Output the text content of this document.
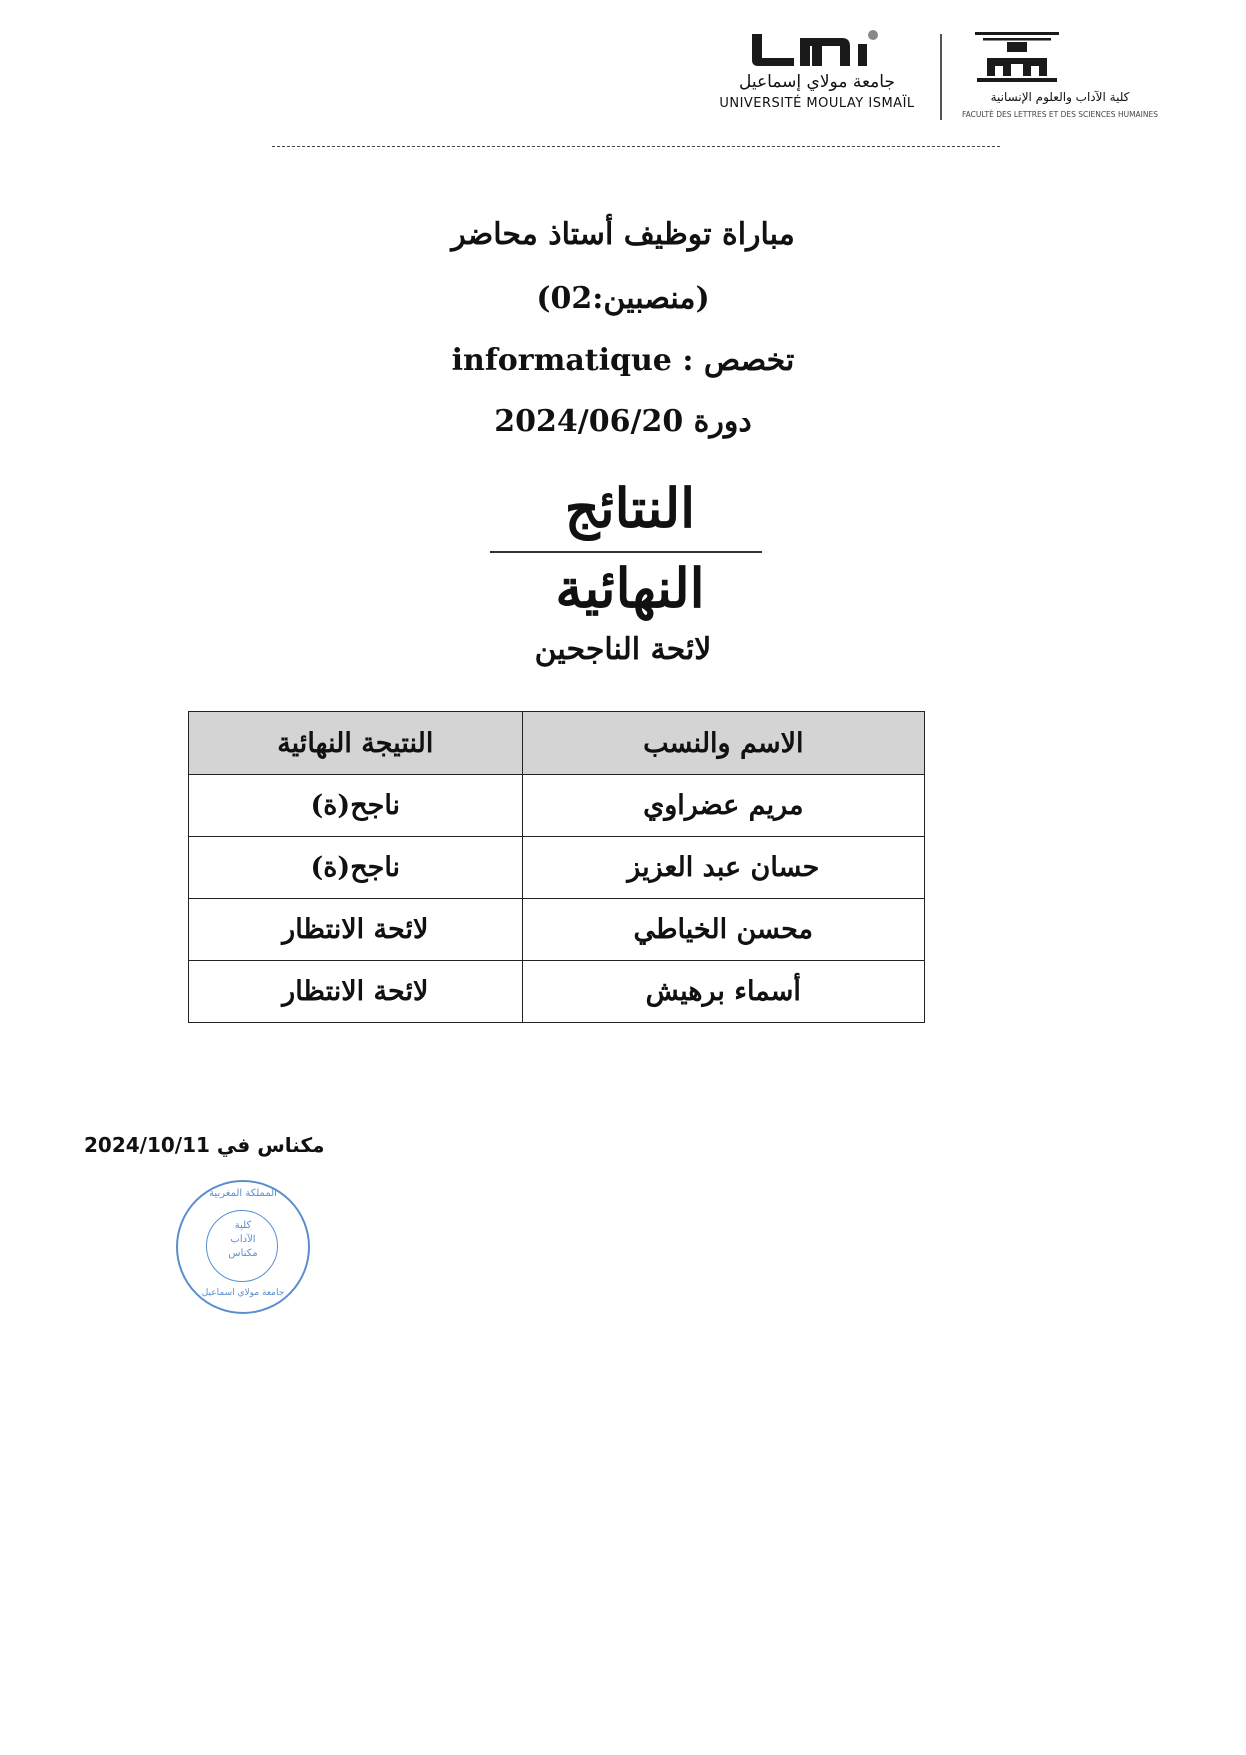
جامعة مولاي إسماعيل
UNIVERSITÉ MOULAY ISMAÏL	كلية الآداب والعلوم الإنسانية
FACULTÉ DES LETTRES ET DES SCIENCES HUMAINES
مباراة توظيف أستاذ محاضر
(منصبين:02)
informatique : تخصص
2024/06/20 دورة
النتائج النهائية
لائحة الناجحين
الاسم والنسب	النتيجة النهائية
مريم عضراوي	ناجح(ة)
حسان عبد العزيز	ناجح(ة)
محسن الخياطي	لائحة الانتظار
أسماء برهيش	لائحة الانتظار
مكناس في 2024/10/11
المملكة المغربية
كلية
الآداب
مكناس
جامعة مولاي اسماعيل
